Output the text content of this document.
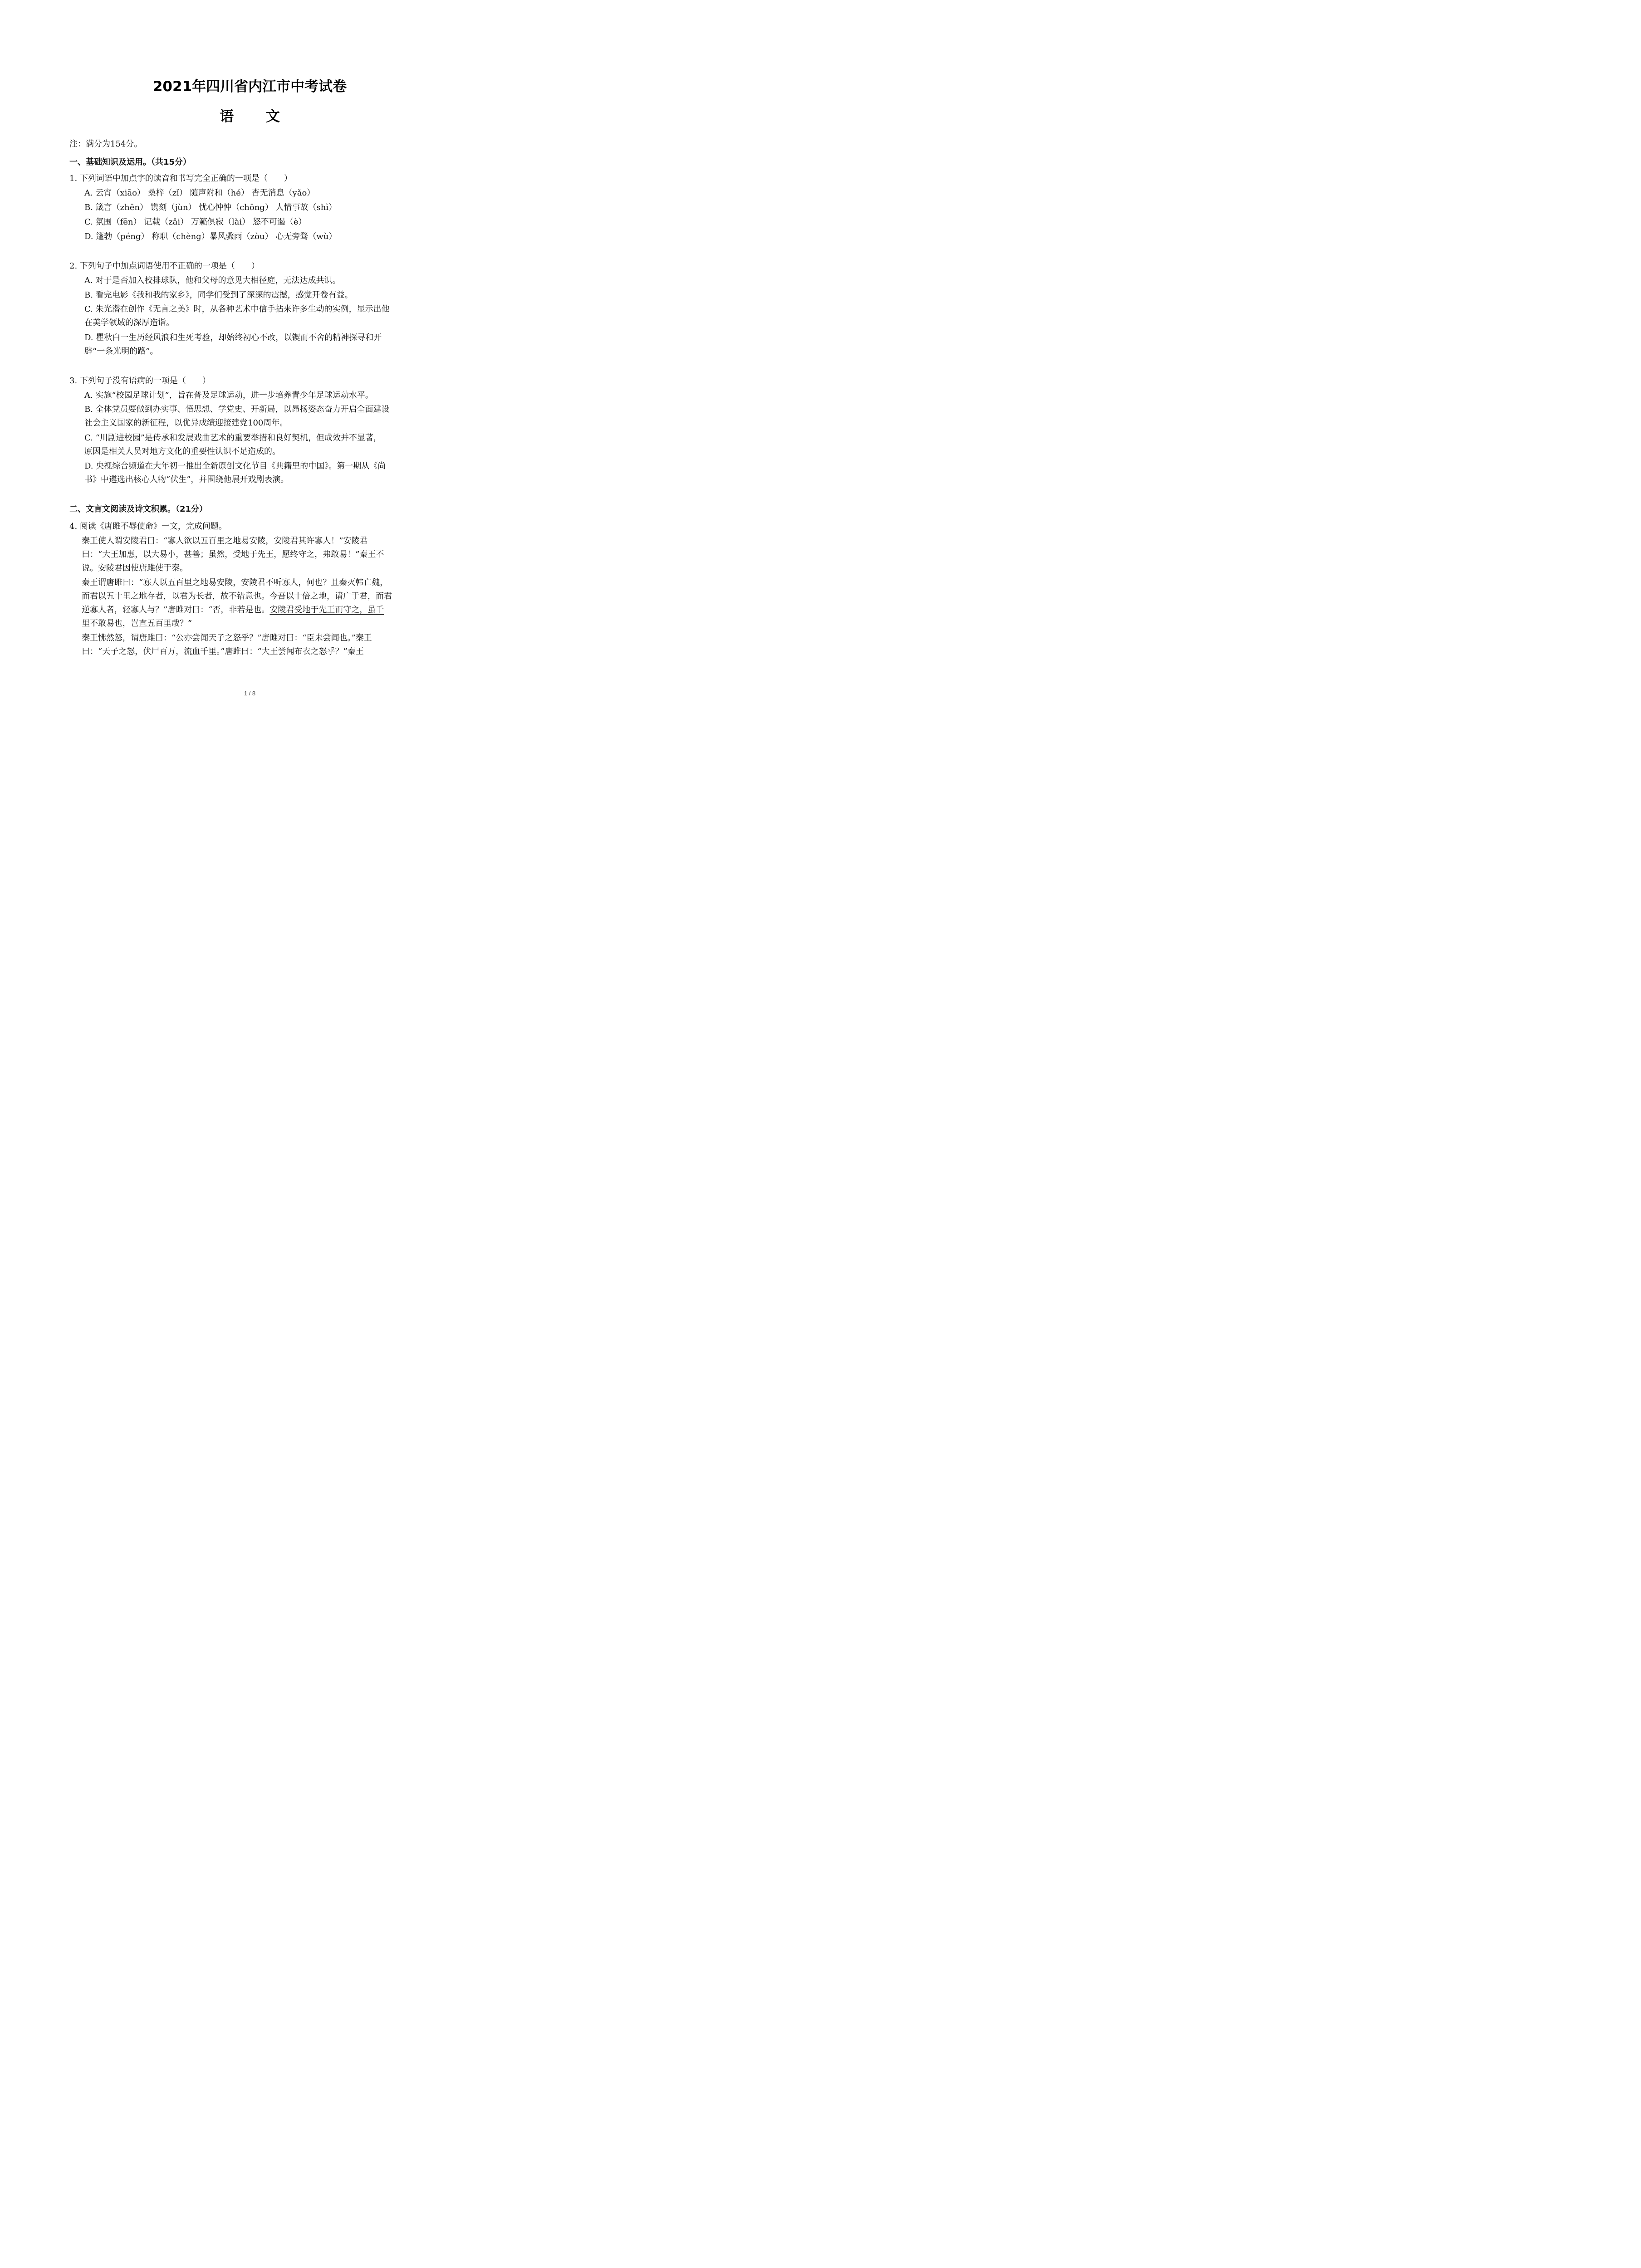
2021年四川省内江市中考试卷
语 文
注：满分为154分。
一、基础知识及运用。（共15分）
1. 下列词语中加点字的读音和书写完全正确的一项是（　　）
A. 云宵（xiāo） 桑梓（zǐ） 随声附和（hé） 杳无消息（yǎo）
B. 箴言（zhēn） 镌刻（jùn） 忧心忡忡（chōng） 人情事故（shì）
C. 氛围（fēn） 记载（zǎi） 万籁俱寂（lài） 怒不可遏（è）
D. 篷勃（péng） 称职（chèng）暴风骤雨（zòu） 心无旁骛（wù）
2. 下列句子中加点词语使用不正确的一项是（　　）
A. 对于是否加入校排球队，他和父母的意见大相径庭，无法达成共识。
B. 看完电影《我和我的家乡》，同学们受到了深深的震撼，感觉开卷有益。
C. 朱光潜在创作《无言之美》时，从各种艺术中信手拈来许多生动的实例，显示出他
在美学领域的深厚造诣。
D. 瞿秋白一生历经风浪和生死考验，却始终初心不改，以锲而不舍的精神探寻和开
辟“一条光明的路”。
3. 下列句子没有语病的一项是（　　）
A. 实施“校园足球计划”，旨在普及足球运动，进一步培养青少年足球运动水平。
B. 全体党员要做到办实事、悟思想、学党史、开新局，以昂扬姿态奋力开启全面建设
社会主义国家的新征程，以优异成绩迎接建党100周年。
C. “川剧进校园”是传承和发展戏曲艺术的重要举措和良好契机，但成效并不显著，
原因是相关人员对地方文化的重要性认识不足造成的。
D. 央视综合频道在大年初一推出全新原创文化节目《典籍里的中国》。第一期从《尚
书》中遴选出核心人物“伏生”，并围绕他展开戏剧表演。
二、文言文阅读及诗文积累。（21分）
4. 阅读《唐雎不辱使命》一文，完成问题。
秦王使人谓安陵君曰：“寡人欲以五百里之地易安陵，安陵君其许寡人！”安陵君
曰：“大王加惠，以大易小，甚善；虽然，受地于先王，愿终守之，弗敢易！”秦王不
说。安陵君因使唐雎使于秦。
秦王谓唐雎曰：“寡人以五百里之地易安陵，安陵君不听寡人，何也？且秦灭韩亡魏，
而君以五十里之地存者，以君为长者，故不错意也。今吾以十倍之地，请广于君，而君
逆寡人者，轻寡人与？”唐雎对曰：“否，非若是也。安陵君受地于先王而守之，虽千
里不敢易也，岂直五百里哉？”
秦王怫然怒，谓唐雎曰：“公亦尝闻天子之怒乎？”唐雎对曰：“臣未尝闻也。”秦王
曰：“天子之怒，伏尸百万，流血千里。”唐雎曰：“大王尝闻布衣之怒乎？”秦王
1 / 8
